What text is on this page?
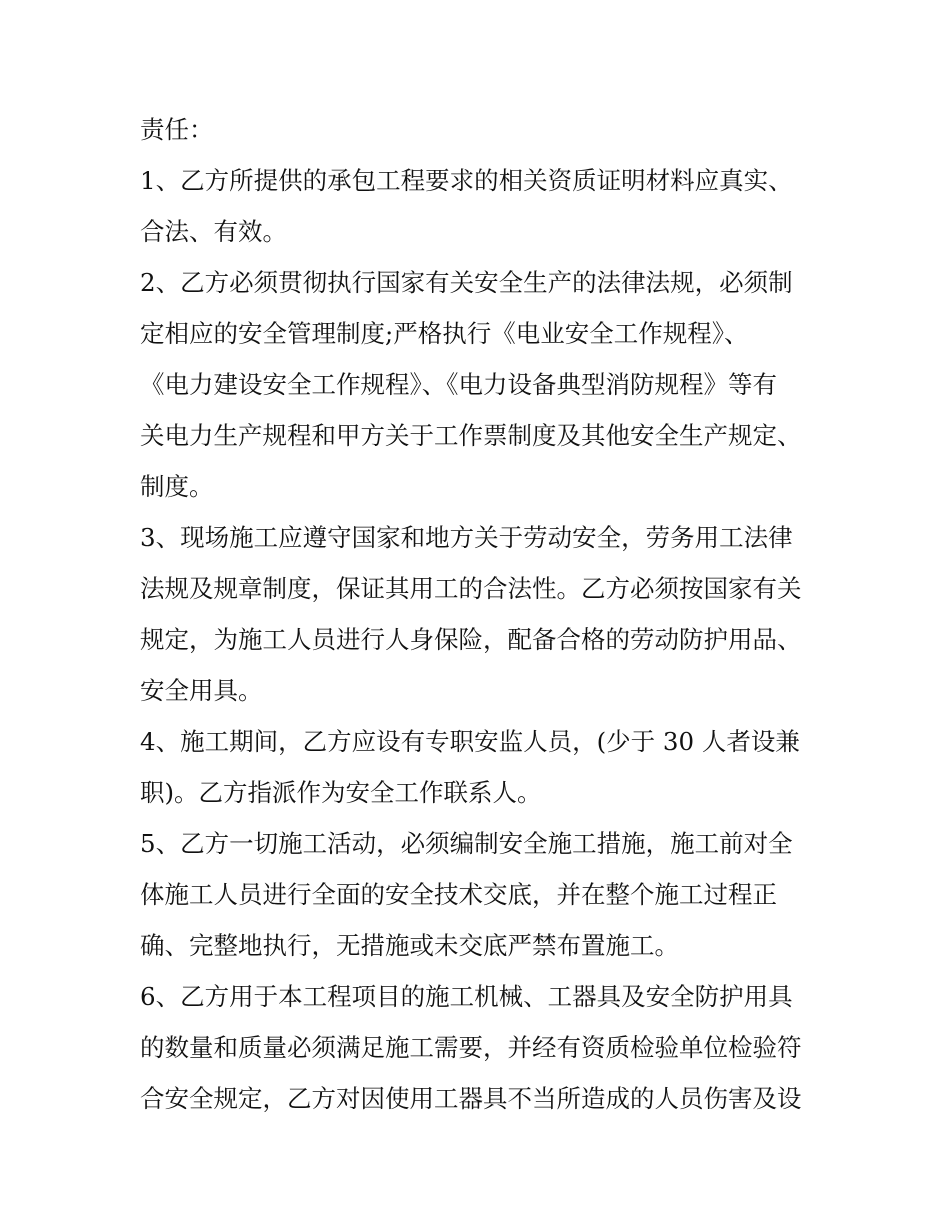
责任：
1、乙方所提供的承包工程要求的相关资质证明材料应真实、
合法、有效。
2、乙方必须贯彻执行国家有关安全生产的法律法规，必须制
定相应的安全管理制度;严格执行《电业安全工作规程》、
《电力建设安全工作规程》、《电力设备典型消防规程》等有
关电力生产规程和甲方关于工作票制度及其他安全生产规定、
制度。
3、现场施工应遵守国家和地方关于劳动安全，劳务用工法律
法规及规章制度，保证其用工的合法性。乙方必须按国家有关
规定，为施工人员进行人身保险，配备合格的劳动防护用品、
安全用具。
4、施工期间，乙方应设有专职安监人员，(少于 30 人者设兼
职)。乙方指派作为安全工作联系人。
5、乙方一切施工活动，必须编制安全施工措施，施工前对全
体施工人员进行全面的安全技术交底，并在整个施工过程正
确、完整地执行，无措施或未交底严禁布置施工。
6、乙方用于本工程项目的施工机械、工器具及安全防护用具
的数量和质量必须满足施工需要，并经有资质检验单位检验符
合安全规定，乙方对因使用工器具不当所造成的人员伤害及设
